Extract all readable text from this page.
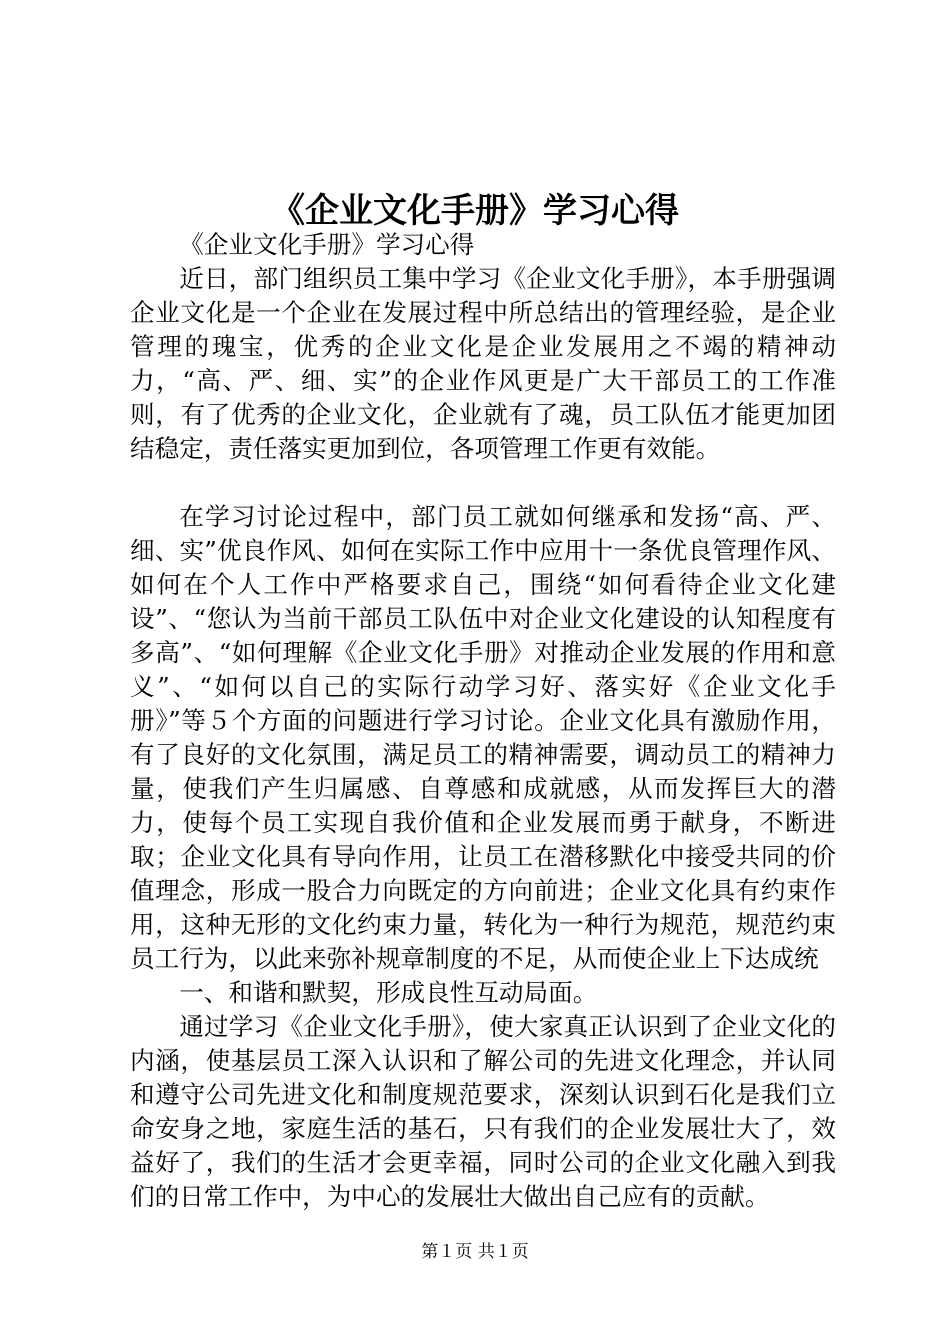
《企业文化手册》学习心得

《企业文化手册》学习心得

近日，部门组织员工集中学习《企业文化手册》，本手册强调企业文化是一个企业在发展过程中所总结出的管理经验，是企业管理的瑰宝，优秀的企业文化是企业发展用之不竭的精神动力，“高、严、细、实”的企业作风更是广大干部员工的工作准则，有了优秀的企业文化，企业就有了魂，员工队伍才能更加团结稳定，责任落实更加到位，各项管理工作更有效能。

在学习讨论过程中，部门员工就如何继承和发扬“高、严、细、实”优良作风、如何在实际工作中应用十一条优良管理作风、如何在个人工作中严格要求自己，围绕“如何看待企业文化建设”、“您认为当前干部员工队伍中对企业文化建设的认知程度有多高”、“如何理解《企业文化手册》对推动企业发展的作用和意义”、“如何以自己的实际行动学习好、落实好《企业文化手册》”等５个方面的问题进行学习讨论。企业文化具有激励作用，有了良好的文化氛围，满足员工的精神需要，调动员工的精神力量，使我们产生归属感、自尊感和成就感，从而发挥巨大的潜力，使每个员工实现自我价值和企业发展而勇于献身，不断进取；企业文化具有导向作用，让员工在潜移默化中接受共同的价值理念，形成一股合力向既定的方向前进；企业文化具有约束作用，这种无形的文化约束力量，转化为一种行为规范，规范约束员工行为，以此来弥补规章制度的不足，从而使企业上下达成统

一、和谐和默契，形成良性互动局面。

通过学习《企业文化手册》，使大家真正认识到了企业文化的内涵，使基层员工深入认识和了解公司的先进文化理念，并认同和遵守公司先进文化和制度规范要求，深刻认识到石化是我们立命安身之地，家庭生活的基石，只有我们的企业发展壮大了，效益好了，我们的生活才会更幸福，同时公司的企业文化融入到我们的日常工作中，为中心的发展壮大做出自己应有的贡献。

第１页 共１页
